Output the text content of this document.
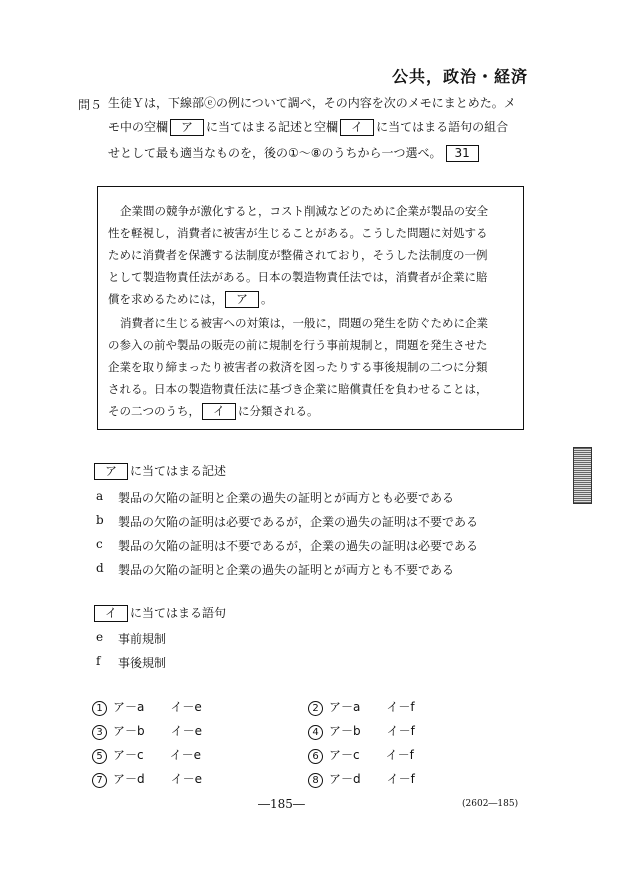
公共，政治・経済
問５ 生徒Ｙは，下線部ⓔの例について調べ，その内容を次のメモにまとめた。メ
モ中の空欄 ア に当てはまる記述と空欄 イ に当てはまる語句の組合
せとして最も適当なものを，後の①～⑧のうちから一つ選べ。 31
企業間の競争が激化すると，コスト削減などのために企業が製品の安全
性を軽視し，消費者に被害が生じることがある。こうした問題に対処する
ために消費者を保護する法制度が整備されており，そうした法制度の一例
として製造物責任法がある。日本の製造物責任法では，消費者が企業に賠
償を求めるためには， ア 。
消費者に生じる被害への対策は，一般に，問題の発生を防ぐために企業
の参入の前や製品の販売の前に規制を行う事前規制と，問題を発生させた
企業を取り締まったり被害者の救済を図ったりする事後規制の二つに分類
される。日本の製造物責任法に基づき企業に賠償責任を負わせることは，
その二つのうち， イ に分類される。
ア に当てはまる記述
a 製品の欠陥の証明と企業の過失の証明とが両方とも必要である
b 製品の欠陥の証明は必要であるが，企業の過失の証明は不要である
c 製品の欠陥の証明は不要であるが，企業の過失の証明は必要である
d 製品の欠陥の証明と企業の過失の証明とが両方とも不要である
イ に当てはまる語句
e 事前規制
f 事後規制
1 ア－a イ－e	2 ア－a イ－f
3 ア－b イ－e	4 ア－b イ－f
5 ア－c イ－e	6 ア－c イ－f
7 ア－d イ－e	8 ア－d イ－f
―185―	(2602―185)
